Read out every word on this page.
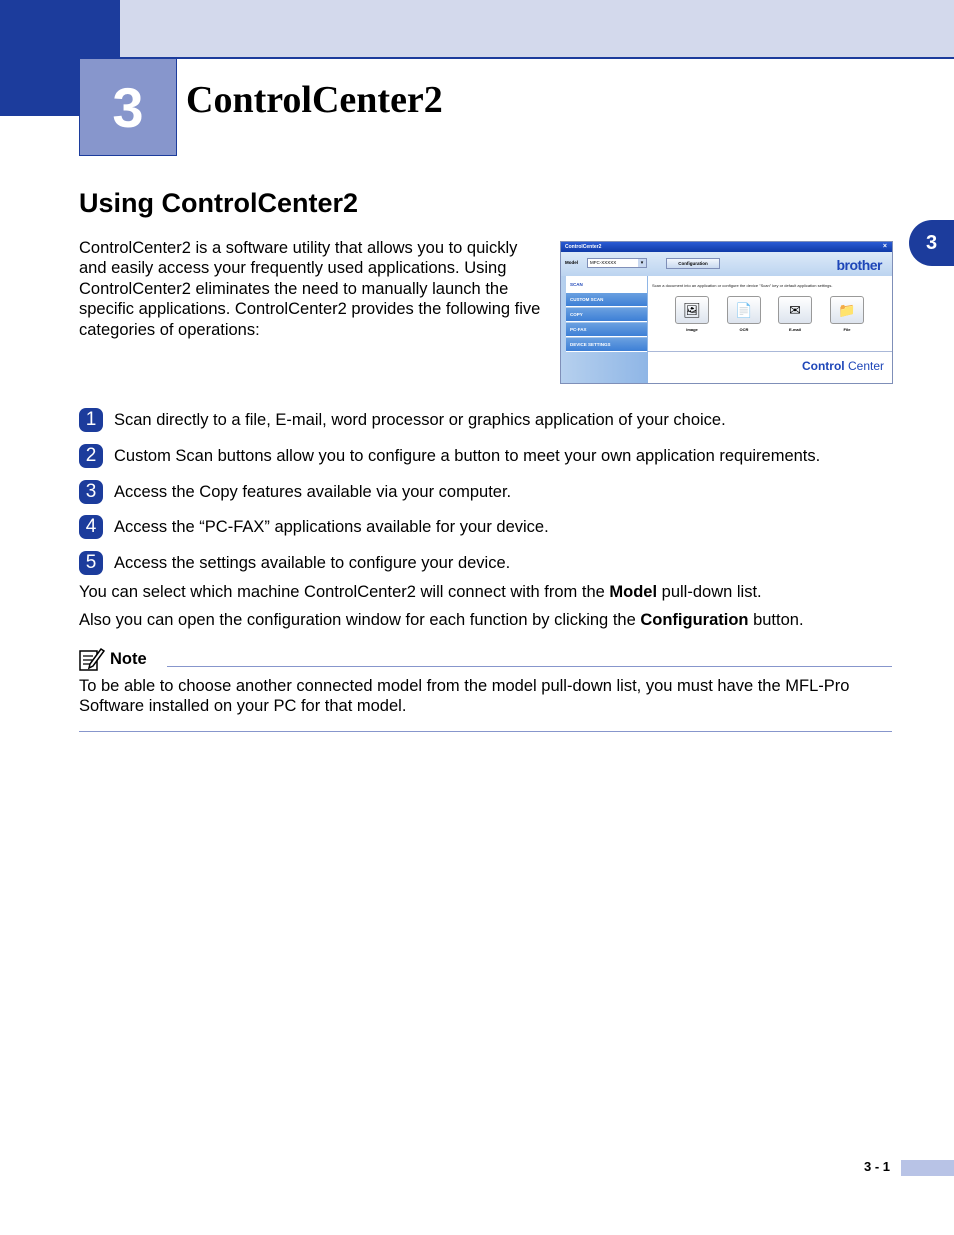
3 ControlCenter2
3
Using ControlCenter2

ControlCenter2 is a software utility that allows you to quickly and easily access your frequently used applications. Using ControlCenter2 eliminates the need to manually launch the specific applications. ControlCenter2 provides the following five categories of operations:

ControlCenter2	×
Model	MFC-XXXXX	▾	Configuration	brother
SCAN
CUSTOM SCAN
COPY
PC-FAX
DEVICE SETTINGS
Scan a document into an application or configure the device "Scan" key or default application settings.
🖼
Image
📄
OCR
✉
E-mail
📁
File
Control Center
1	Scan directly to a file, E-mail, word processor or graphics application of your choice.
2	Custom Scan buttons allow you to configure a button to meet your own application requirements.
3	Access the Copy features available via your computer.
4	Access the “PC-FAX” applications available for your device.
5	Access the settings available to configure your device.

You can select which machine ControlCenter2 will connect with from the Model pull-down list.

Also you can open the configuration window for each function by clicking the Configuration button.

Note

To be able to choose another connected model from the model pull-down list, you must have the MFL-Pro Software installed on your PC for that model.

3 - 1
